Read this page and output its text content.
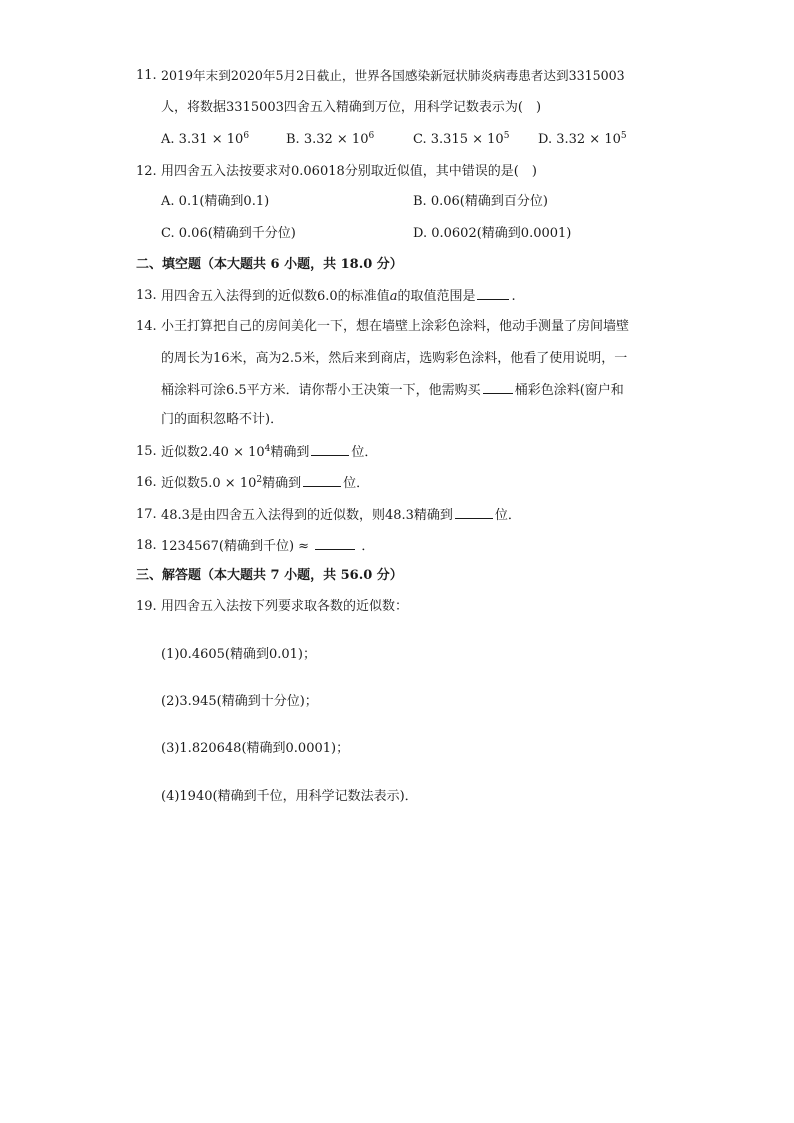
11. 2019年末到2020年5月2日截止，世界各国感染新冠状肺炎病毒患者达到3315003
人，将数据3315003四舍五入精确到万位，用科学记数表示为(　)
A. $3.31 \times 10^6$	B. $3.32 \times 10^6$	C. $3.315 \times 10^5$ D. $3.32 \times 10^5$
12. 用四舍五入法按要求对0.06018分别取近似值，其中错误的是(　)
A. 0.1(精确到0.1)	B. 0.06(精确到百分位)
C. 0.06(精确到千分位)	D. 0.0602(精确到0.0001)
二、填空题（本大题共 6 小题，共 18.0 分）
13. 用四舍五入法得到的近似数6.0的标准值a的取值范围是	.
14. 小王打算把自己的房间美化一下，想在墙壁上涂彩色涂料，他动手测量了房间墙壁
的周长为16米，高为2.5米，然后来到商店，选购彩色涂料，他看了使用说明，一
桶涂料可涂6.5平方米．请你帮小王决策一下，他需购买	桶彩色涂料(窗户和
门的面积忽略不计)．
15. 近似数$2.40 \times 10^4$精确到	位．
16. 近似数$5.0 \times 10^2$精确到	位．
17. 48.3是由四舍五入法得到的近似数，则48.3精确到	位．
18. 1234567(精确到千位) ≈	．
三、解答题（本大题共 7 小题，共 56.0 分）
19. 用四舍五入法按下列要求取各数的近似数：
(1)0.4605(精确到0.01)；
(2)3.945(精确到十分位)；
(3)1.820648(精确到0.0001)；
(4)1940(精确到千位，用科学记数法表示)．
